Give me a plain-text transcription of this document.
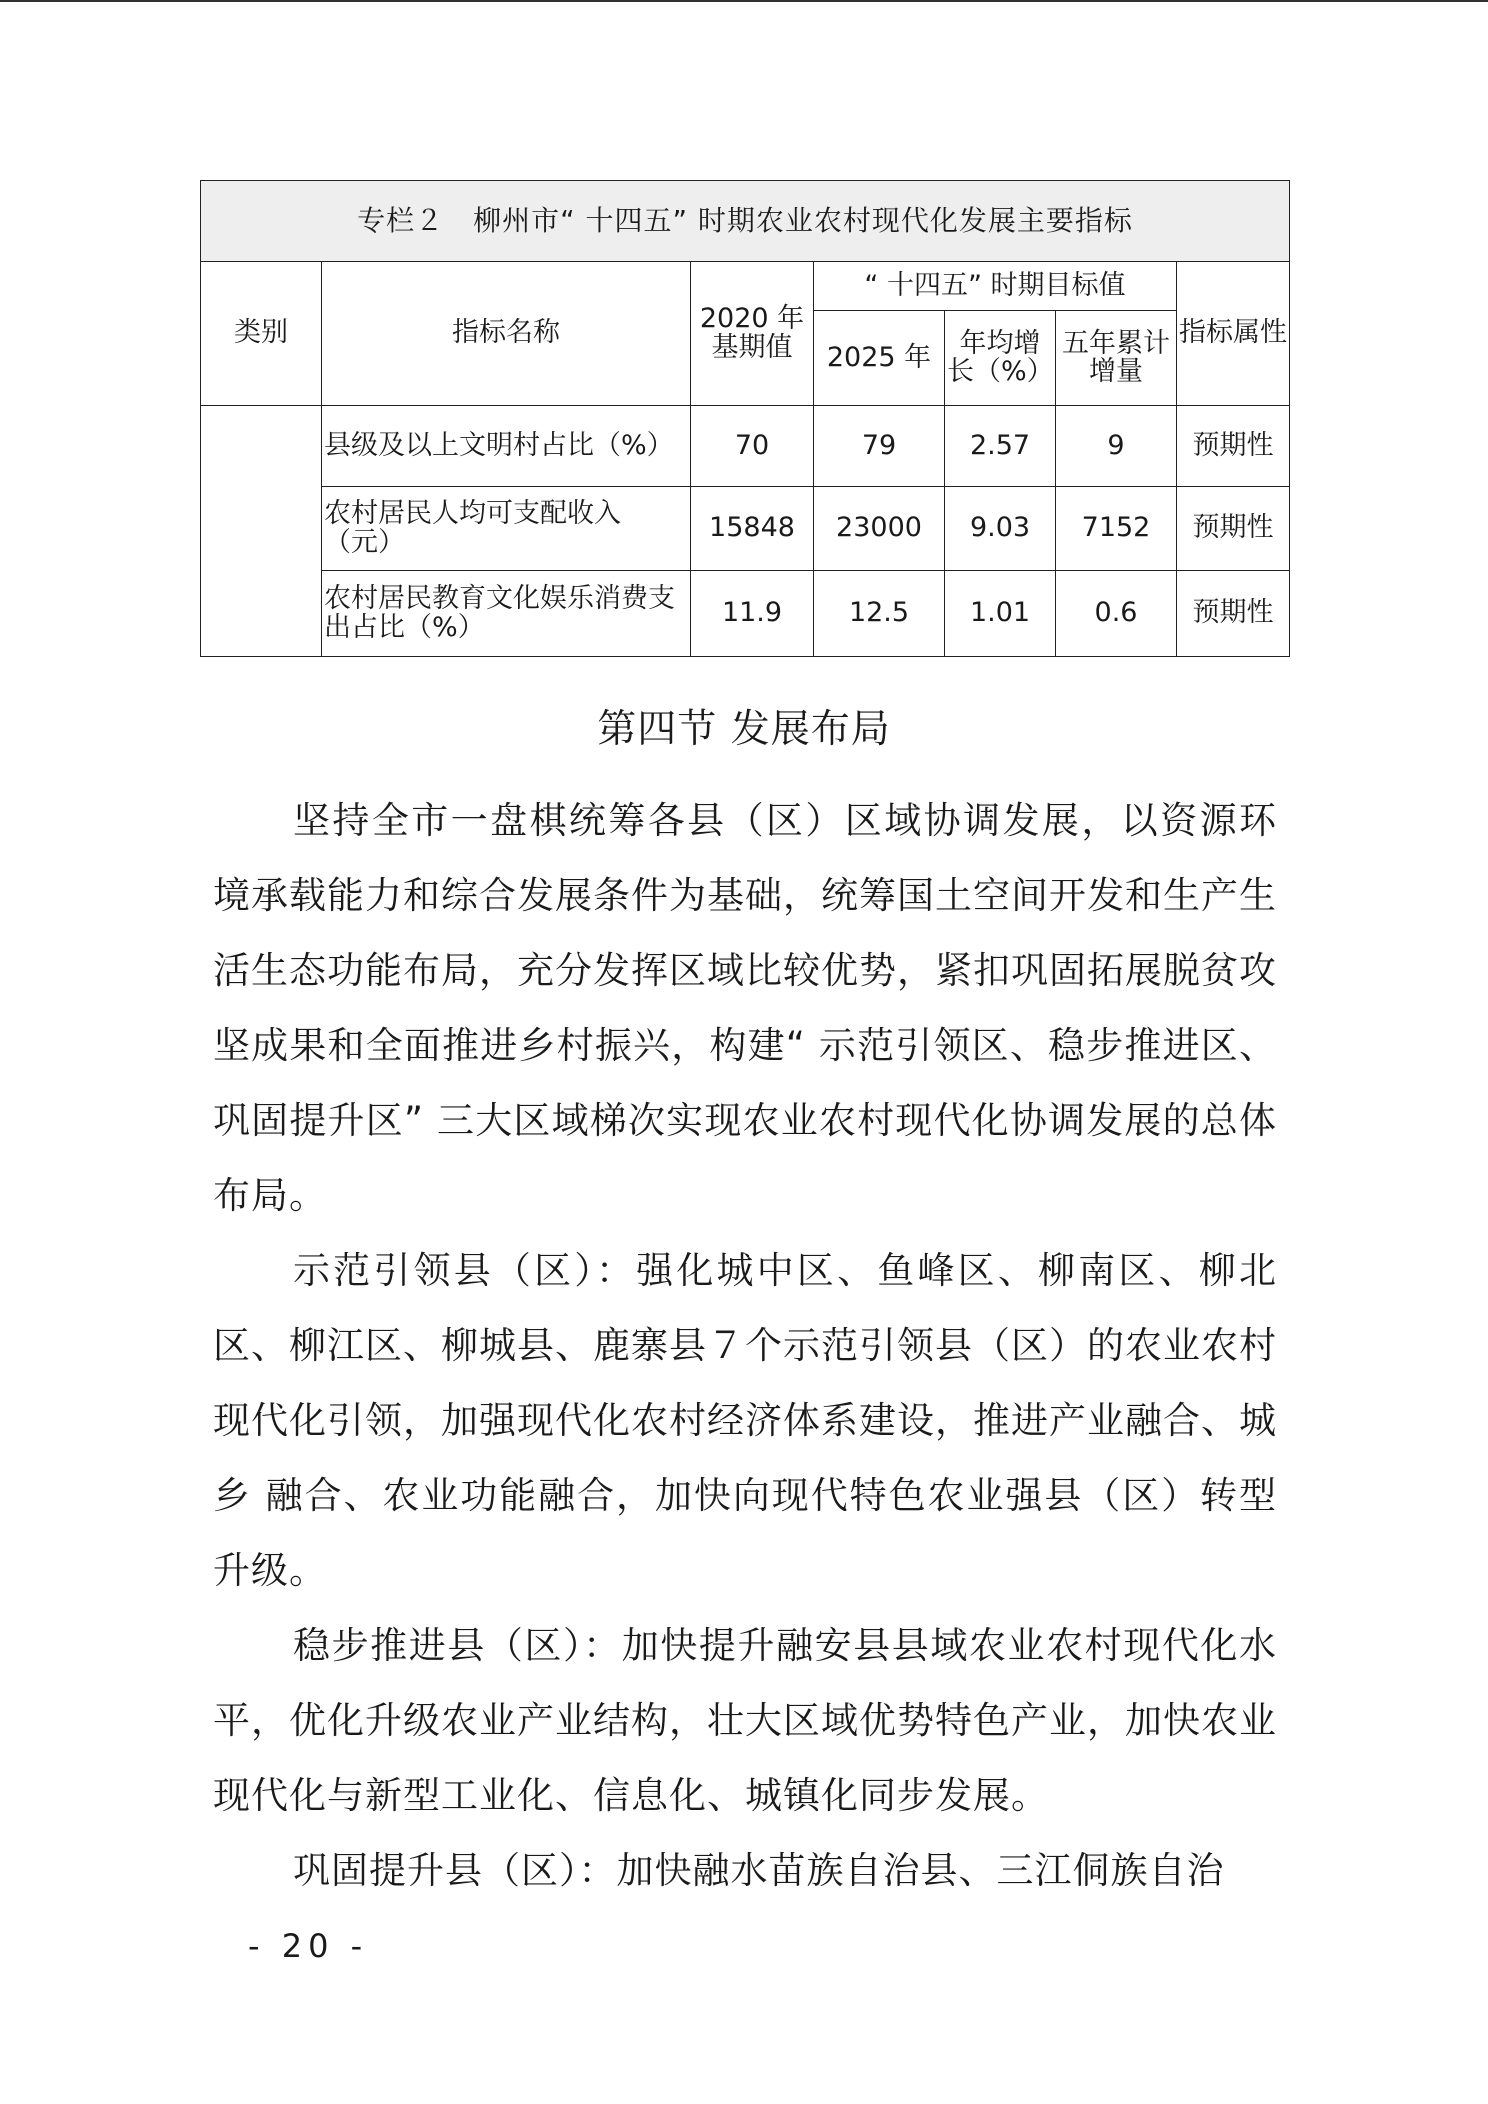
专栏２　柳州市“ 十四五” 时期农业农村现代化发展主要指标						
类别	指标名称	2020 年基期值	“ 十四五” 时期目标值			指标属性
			2025 年	年均增长（%）	五年累计增量	
	县级及以上文明村占比（%）	70	79	2.57	9	预期性
	农村居民人均可支配收入（元）	15848	23000	9.03	7152	预期性
	农村居民教育文化娱乐消费支出占比（%）	11.9	12.5	1.01	0.6	预期性
第四节 发展布局

坚持全市一盘棋统筹各县（区）区域协调发展，以资源环境承载能力和综合发展条件为基础，统筹国土空间开发和生产生活生态功能布局，充分发挥区域比较优势，紧扣巩固拓展脱贫攻坚成果和全面推进乡村振兴，构建“ 示范引领区、稳步推进区、巩固提升区” 三大区域梯次实现农业农村现代化协调发展的总体布局。

示范引领县（区）：强化城中区、鱼峰区、柳南区、柳北区、柳江区、柳城县、鹿寨县７个示范引领县（区）的农业农村现代化引领，加强现代化农村经济体系建设，推进产业融合、城乡 融合、农业功能融合，加快向现代特色农业强县（区）转型升级。

稳步推进县（区）：加快提升融安县县域农业农村现代化水平，优化升级农业产业结构，壮大区域优势特色产业，加快农业现代化与新型工业化、信息化、城镇化同步发展。

巩固提升县（区）：加快融水苗族自治县、三江侗族自治

- 20 -
